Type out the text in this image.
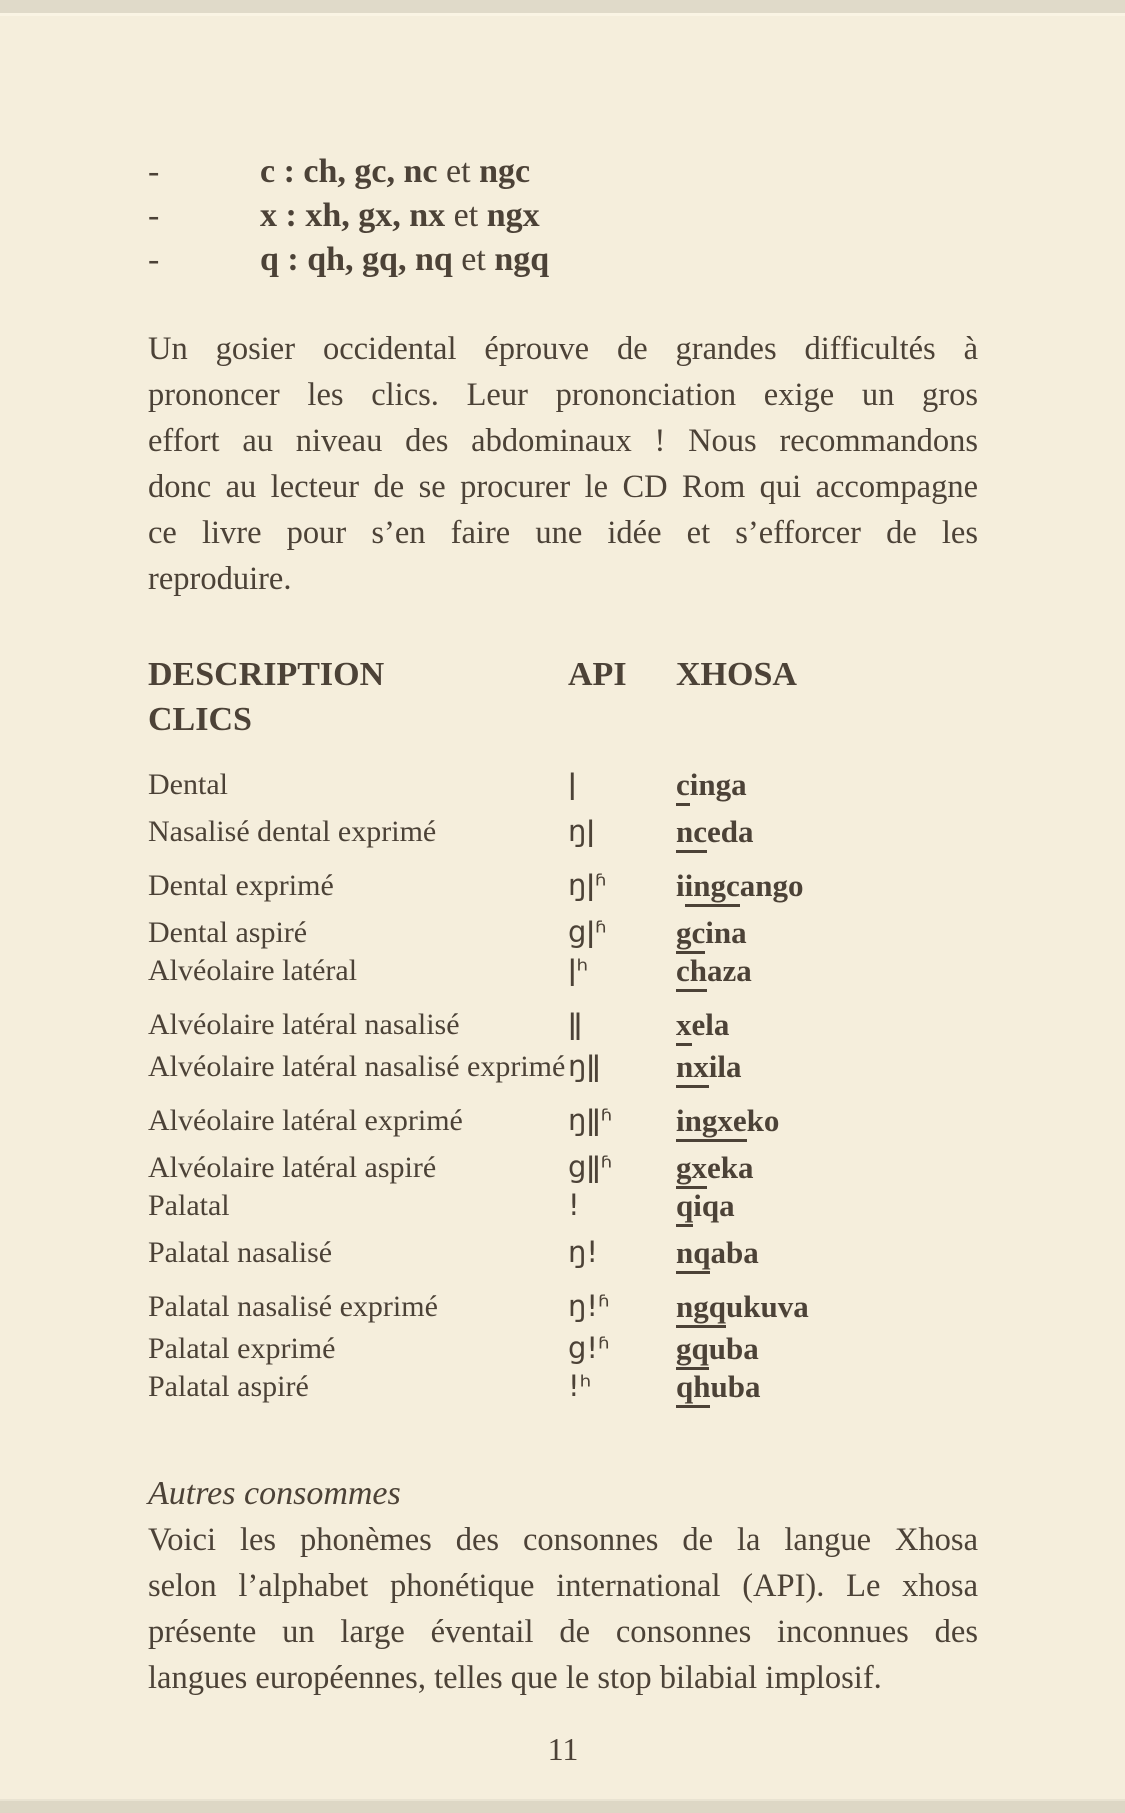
-	c : ch, gc, nc et ngc
-	x : xh, gx, nx et ngx
-	q : qh, gq, nq et ngq
Un gosier occidental éprouve de grandes difficultés à
prononcer les clics. Leur prononciation exige un gros
effort au niveau des abdominaux ! Nous recommandons
donc au lecteur de se procurer le CD Rom qui accompagne
ce livre pour s’en faire une idée et s’efforcer de les
reproduire.
DESCRIPTION
CLICS
API XHOSA
Dental	ǀ	cinga
Nasalisé dental exprimé	ŋǀ	nceda
Dental exprimé	ŋǀʱ iingcango
Dental aspiré	gǀʱ gcina
Alvéolaire latéral	ǀʰ	chaza
Alvéolaire latéral nasalisé	ǁ	xela
Alvéolaire latéral nasalisé exprimé ŋǁ nxila
Alvéolaire latéral exprimé	ŋǁʱ ingxeko
Alvéolaire latéral aspiré	gǁʱ gxeka
Palatal	!	qiqa
Palatal nasalisé	ŋ!	nqaba
Palatal nasalisé exprimé	ŋ!ʱ ngqukuva
Palatal exprimé	g!ʱ gquba
Palatal aspiré	!ʰ	qhuba
Autres consommes
Voici les phonèmes des consonnes de la langue Xhosa
selon l’alphabet phonétique international (API). Le xhosa
présente un large éventail de consonnes inconnues des
langues européennes, telles que le stop bilabial implosif.
11
